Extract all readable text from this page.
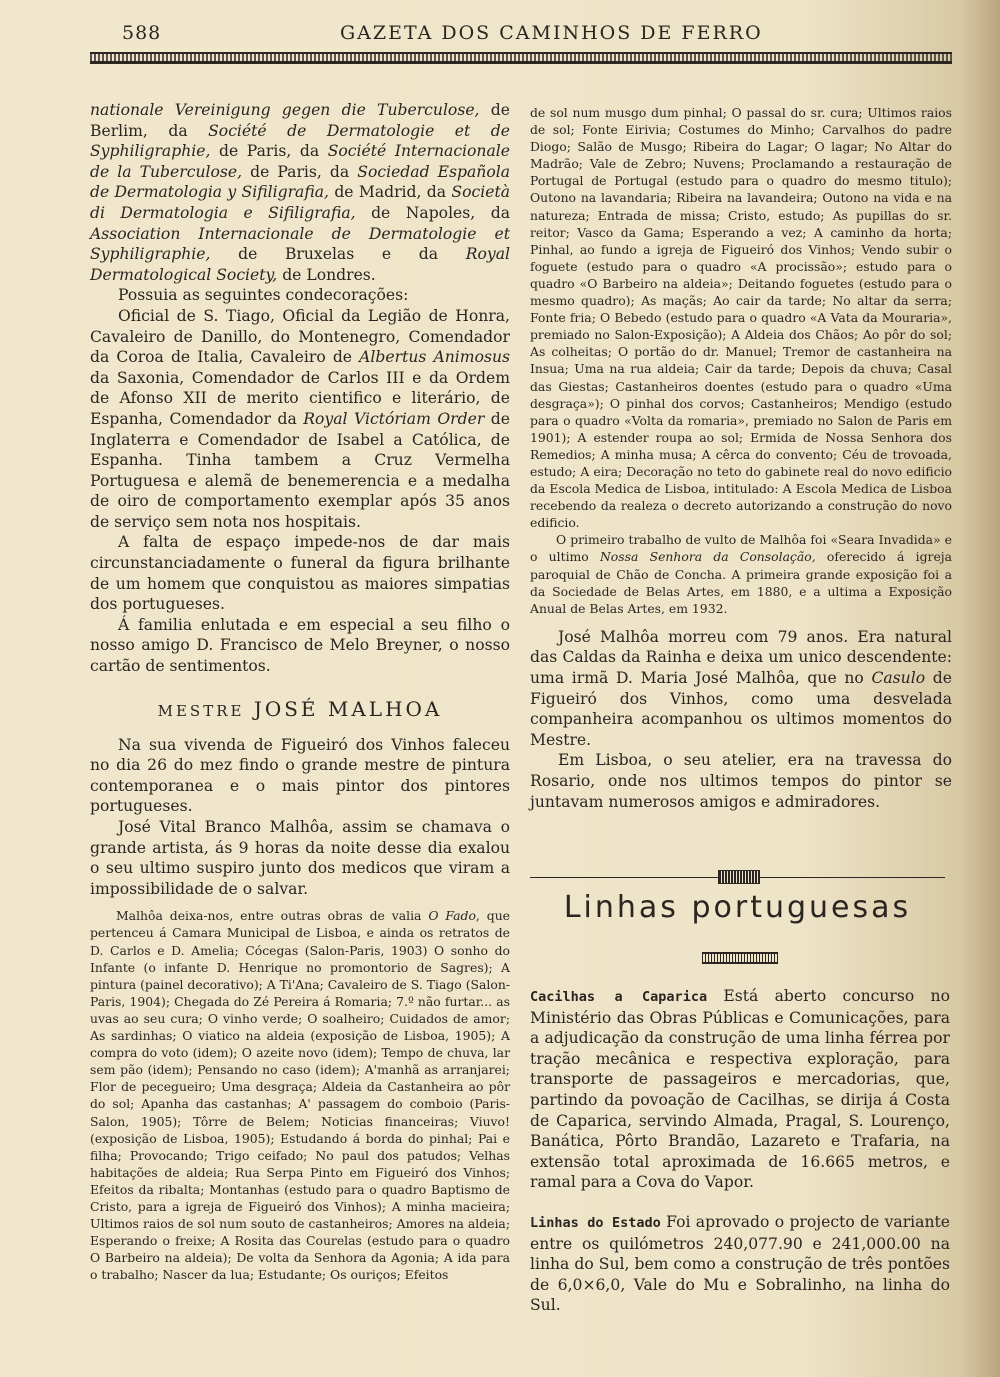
588	GAZETA DOS CAMINHOS DE FERRO

nationale Vereinigung gegen die Tuberculose, de Berlim, da Société de Dermatologie et de Syphiligraphie, de Paris, da Société Internacionale de la Tuberculose, de Paris, da Sociedad Española de Dermatologia y Sifiligrafia, de Madrid, da Società di Dermatologia e Sifiligrafia, de Napoles, da Association Internacionale de Dermatologie et Syphiligraphie, de Bruxelas e da Royal Dermatological Society, de Londres.

Possuia as seguintes condecorações:

Oficial de S. Tiago, Oficial da Legião de Honra, Cavaleiro de Danillo, do Montenegro, Comendador da Coroa de Italia, Cavaleiro de Albertus Animosus da Saxonia, Comendador de Carlos III e da Ordem de Afonso XII de merito cientifico e literário, de Espanha, Comendador da Royal Victóriam Order de Inglaterra e Comendador de Isabel a Católica, de Espanha. Tinha tambem a Cruz Vermelha Portuguesa e alemã de benemerencia e a medalha de oiro de comportamento exemplar após 35 anos de serviço sem nota nos hospitais.

A falta de espaço impede-nos de dar mais circunstanciadamente o funeral da figura brilhante de um homem que conquistou as maiores simpatias dos portugueses.

Á familia enlutada e em especial a seu filho o nosso amigo D. Francisco de Melo Breyner, o nosso cartão de sentimentos.

MESTRE JOSÉ MALHOA

Na sua vivenda de Figueiró dos Vinhos faleceu no dia 26 do mez findo o grande mestre de pintura contemporanea e o mais pintor dos pintores portugueses.

José Vital Branco Malhôa, assim se chamava o grande artista, ás 9 horas da noite desse dia exalou o seu ultimo suspiro junto dos medicos que viram a impossibilidade de o salvar.

Malhôa deixa-nos, entre outras obras de valia O Fado, que pertenceu á Camara Municipal de Lisboa, e ainda os retratos de D. Carlos e D. Amelia; Cócegas (Salon-Paris, 1903) O sonho do Infante (o infante D. Henrique no promontorio de Sagres); A pintura (painel decorativo); A Ti'Ana; Cavaleiro de S. Tiago (Salon-Paris, 1904); Chegada do Zé Pereira á Romaria; 7.º não furtar... as uvas ao seu cura; O vinho verde; O soalheiro; Cuidados de amor; As sardinhas; O viatico na aldeia (exposição de Lisboa, 1905); A compra do voto (idem); O azeite novo (idem); Tempo de chuva, lar sem pão (idem); Pensando no caso (idem); A'manhã as arranjarei; Flor de pecegueiro; Uma desgraça; Aldeia da Castanheira ao pôr do sol; Apanha das castanhas; A' passagem do comboio (Paris-Salon, 1905); Tôrre de Belem; Noticias financeiras; Viuvo! (exposição de Lisboa, 1905); Estudando á borda do pinhal; Pai e filha; Provocando; Trigo ceifado; No paul dos patudos; Velhas habitações de aldeia; Rua Serpa Pinto em Figueiró dos Vinhos; Efeitos da ribalta; Montanhas (estudo para o quadro Baptismo de Cristo, para a igreja de Figueiró dos Vinhos); A minha macieira; Ultimos raios de sol num souto de castanheiros; Amores na aldeia; Esperando o freixe; A Rosita das Courelas (estudo para o quadro O Barbeiro na aldeia); De volta da Senhora da Agonia; A ida para o trabalho; Nascer da lua; Estudante; Os ouriços; Efeitos

de sol num musgo dum pinhal; O passal do sr. cura; Ultimos raios de sol; Fonte Eirivia; Costumes do Minho; Carvalhos do padre Diogo; Salão de Musgo; Ribeira do Lagar; O lagar; No Altar do Madrão; Vale de Zebro; Nuvens; Proclamando a restauração de Portugal de Portugal (estudo para o quadro do mesmo titulo); Outono na lavandaria; Ribeira na lavandeira; Outono na vida e na natureza; Entrada de missa; Cristo, estudo; As pupillas do sr. reitor; Vasco da Gama; Esperando a vez; A caminho da horta; Pinhal, ao fundo a igreja de Figueiró dos Vinhos; Vendo subir o foguete (estudo para o quadro «A procissão»; estudo para o quadro «O Barbeiro na aldeia»; Deitando foguetes (estudo para o mesmo quadro); As maçãs; Ao cair da tarde; No altar da serra; Fonte fria; O Bebedo (estudo para o quadro «A Vata da Mouraria», premiado no Salon-Exposição); A Aldeia dos Chãos; Ao pôr do sol; As colheitas; O portão do dr. Manuel; Tremor de castanheira na Insua; Uma na rua aldeia; Cair da tarde; Depois da chuva; Casal das Giestas; Castanheiros doentes (estudo para o quadro «Uma desgraça»); O pinhal dos corvos; Castanheiros; Mendigo (estudo para o quadro «Volta da romaria», premiado no Salon de Paris em 1901); A estender roupa ao sol; Ermida de Nossa Senhora dos Remedios; A minha musa; A cêrca do convento; Céu de trovoada, estudo; A eira; Decoração no teto do gabinete real do novo edificio da Escola Medica de Lisboa, intitulado: A Escola Medica de Lisboa recebendo da realeza o decreto autorizando a construção do novo edificio.

O primeiro trabalho de vulto de Malhôa foi «Seara Invadida» e o ultimo Nossa Senhora da Consolação, oferecido á igreja paroquial de Chão de Concha. A primeira grande exposição foi a da Sociedade de Belas Artes, em 1880, e a ultima a Exposição Anual de Belas Artes, em 1932.

José Malhôa morreu com 79 anos. Era natural das Caldas da Rainha e deixa um unico descendente: uma irmã D. Maria José Malhôa, que no Casulo de Figueiró dos Vinhos, como uma desvelada companheira acompanhou os ultimos momentos do Mestre.

Em Lisboa, o seu atelier, era na travessa do Rosario, onde nos ultimos tempos do pintor se juntavam numerosos amigos e admiradores.

Linhas portuguesas

Cacilhas a Caparica Está aberto concurso no Ministério das Obras Públicas e Comunicações, para a adjudicação da construção de uma linha férrea por tração mecânica e respectiva exploração, para transporte de passageiros e mercadorias, que, partindo da povoação de Cacilhas, se dirija á Costa de Caparica, servindo Almada, Pragal, S. Lourenço, Banática, Pôrto Brandão, Lazareto e Trafaria, na extensão total aproximada de 16.665 metros, e ramal para a Cova do Vapor.

Linhas do Estado Foi aprovado o projecto de variante entre os quilómetros 240,077.90 e 241,000.00 na linha do Sul, bem como a construção de três pontões de 6,0×6,0, Vale do Mu e Sobralinho, na linha do Sul.
